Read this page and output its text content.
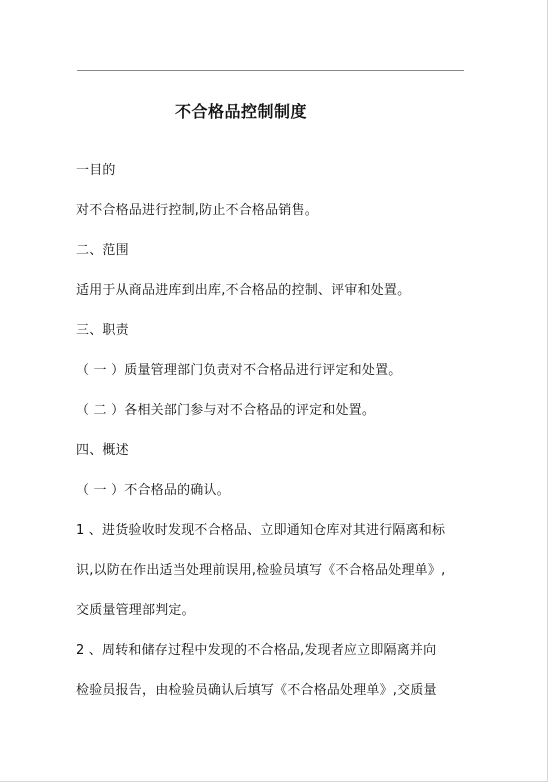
不合格品控制制度
一目的
对不合格品进行控制,防止不合格品销售。
二、范围
适用于从商品进库到出库,不合格品的控制、评审和处置。
三、职责
（ 一 ）质量管理部门负责对不合格品进行评定和处置。
（ 二 ）各相关部门参与对不合格品的评定和处置。
四、概述
（ 一 ）不合格品的确认。
1 、进货验收时发现不合格品、立即通知仓库对其进行隔离和标
识,以防在作出适当处理前误用,检验员填写《不合格品处理单》,
交质量管理部判定。
2 、周转和储存过程中发现的不合格品,发现者应立即隔离并向
检验员报告，由检验员确认后填写《不合格品处理单》,交质量
